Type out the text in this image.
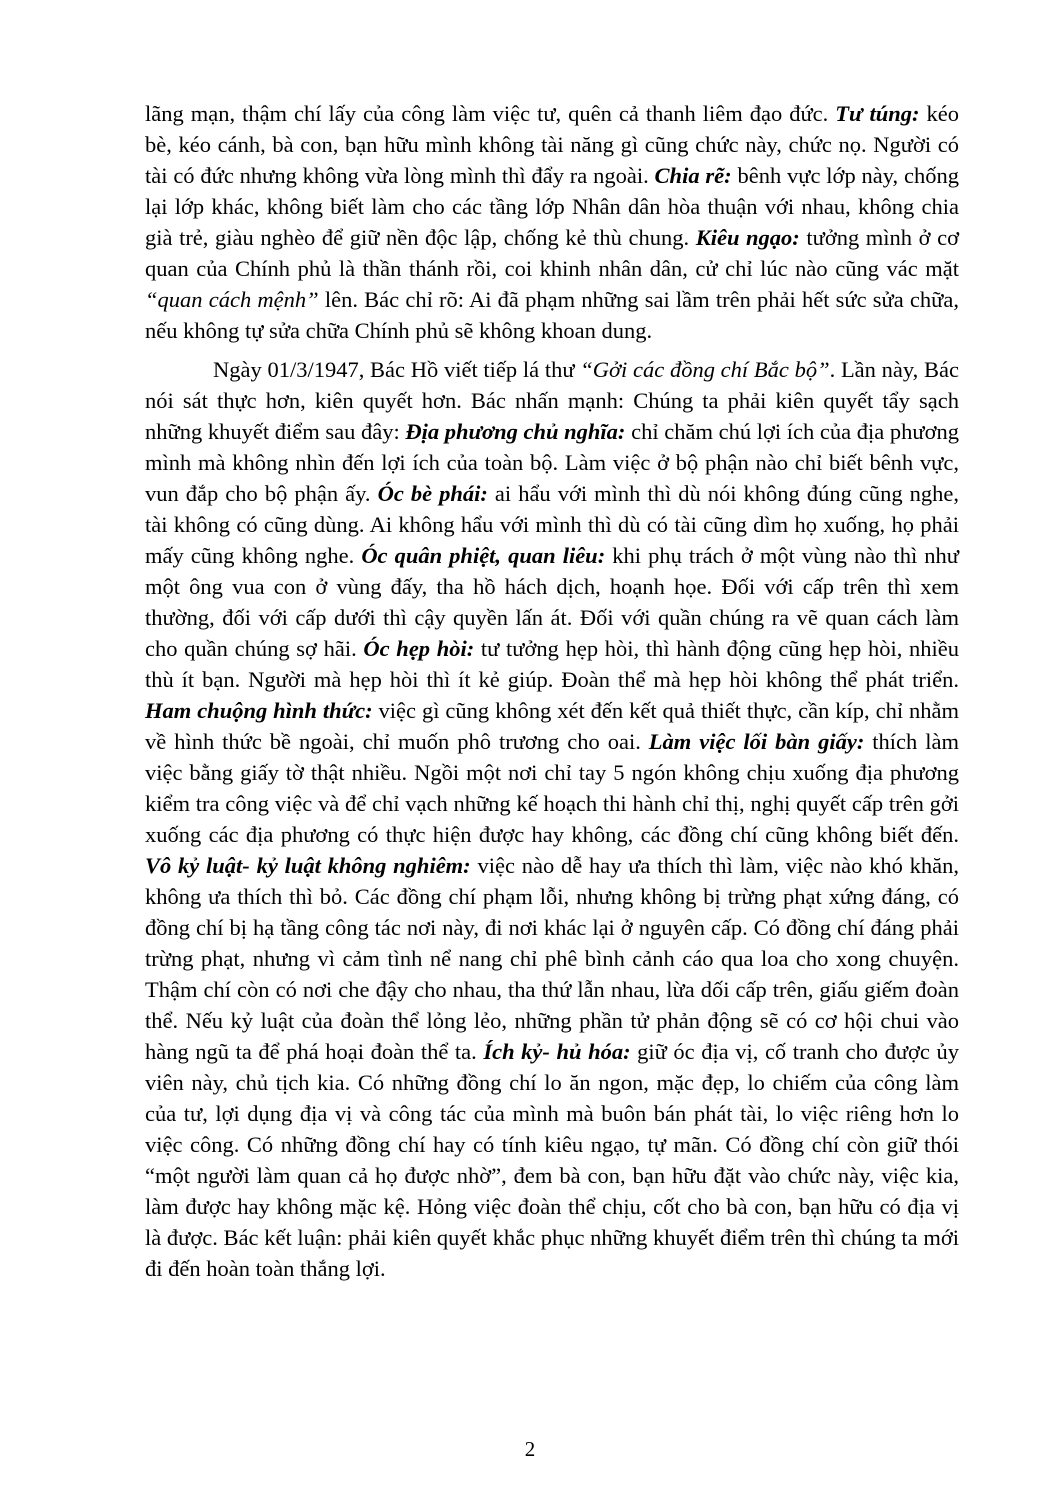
lãng mạn, thậm chí lấy của công làm việc tư, quên cả thanh liêm đạo đức. Tư túng: kéo bè, kéo cánh, bà con, bạn hữu mình không tài năng gì cũng chức này, chức nọ. Người có tài có đức nhưng không vừa lòng mình thì đẩy ra ngoài. Chia rẽ: bênh vực lớp này, chống lại lớp khác, không biết làm cho các tầng lớp Nhân dân hòa thuận với nhau, không chia già trẻ, giàu nghèo để giữ nền độc lập, chống kẻ thù chung. Kiêu ngạo: tưởng mình ở cơ quan của Chính phủ là thần thánh rồi, coi khinh nhân dân, cử chỉ lúc nào cũng vác mặt “quan cách mệnh” lên. Bác chỉ rõ: Ai đã phạm những sai lầm trên phải hết sức sửa chữa, nếu không tự sửa chữa Chính phủ sẽ không khoan dung.

Ngày 01/3/1947, Bác Hồ viết tiếp lá thư “Gởi các đồng chí Bắc bộ”. Lần này, Bác nói sát thực hơn, kiên quyết hơn. Bác nhấn mạnh: Chúng ta phải kiên quyết tẩy sạch những khuyết điểm sau đây: Địa phương chủ nghĩa: chỉ chăm chú lợi ích của địa phương mình mà không nhìn đến lợi ích của toàn bộ. Làm việc ở bộ phận nào chỉ biết bênh vực, vun đắp cho bộ phận ấy. Óc bè phái: ai hẩu với mình thì dù nói không đúng cũng nghe, tài không có cũng dùng. Ai không hẩu với mình thì dù có tài cũng dìm họ xuống, họ phải mấy cũng không nghe. Óc quân phiệt, quan liêu: khi phụ trách ở một vùng nào thì như một ông vua con ở vùng đấy, tha hồ hách dịch, hoạnh họe. Đối với cấp trên thì xem thường, đối với cấp dưới thì cậy quyền lấn át. Đối với quần chúng ra vẽ quan cách làm cho quần chúng sợ hãi. Óc hẹp hòi: tư tưởng hẹp hòi, thì hành động cũng hẹp hòi, nhiều thù ít bạn. Người mà hẹp hòi thì ít kẻ giúp. Đoàn thể mà hẹp hòi không thể phát triển. Ham chuộng hình thức: việc gì cũng không xét đến kết quả thiết thực, cần kíp, chỉ nhằm về hình thức bề ngoài, chỉ muốn phô trương cho oai. Làm việc lối bàn giấy: thích làm việc bằng giấy tờ thật nhiều. Ngồi một nơi chỉ tay 5 ngón không chịu xuống địa phương kiểm tra công việc và để chỉ vạch những kế hoạch thi hành chỉ thị, nghị quyết cấp trên gởi xuống các địa phương có thực hiện được hay không, các đồng chí cũng không biết đến. Vô kỷ luật- kỷ luật không nghiêm: việc nào dễ hay ưa thích thì làm, việc nào khó khăn, không ưa thích thì bỏ. Các đồng chí phạm lỗi, nhưng không bị trừng phạt xứng đáng, có đồng chí bị hạ tầng công tác nơi này, đi nơi khác lại ở nguyên cấp. Có đồng chí đáng phải trừng phạt, nhưng vì cảm tình nể nang chỉ phê bình cảnh cáo qua loa cho xong chuyện. Thậm chí còn có nơi che đậy cho nhau, tha thứ lẫn nhau, lừa dối cấp trên, giấu giếm đoàn thể. Nếu kỷ luật của đoàn thể lỏng lẻo, những phần tử phản động sẽ có cơ hội chui vào hàng ngũ ta để phá hoại đoàn thể ta. Ích kỷ- hủ hóa: giữ óc địa vị, cố tranh cho được ủy viên này, chủ tịch kia. Có những đồng chí lo ăn ngon, mặc đẹp, lo chiếm của công làm của tư, lợi dụng địa vị và công tác của mình mà buôn bán phát tài, lo việc riêng hơn lo việc công. Có những đồng chí hay có tính kiêu ngạo, tự mãn. Có đồng chí còn giữ thói “một người làm quan cả họ được nhờ”, đem bà con, bạn hữu đặt vào chức này, việc kia, làm được hay không mặc kệ. Hỏng việc đoàn thể chịu, cốt cho bà con, bạn hữu có địa vị là được. Bác kết luận: phải kiên quyết khắc phục những khuyết điểm trên thì chúng ta mới đi đến hoàn toàn thắng lợi.

2
